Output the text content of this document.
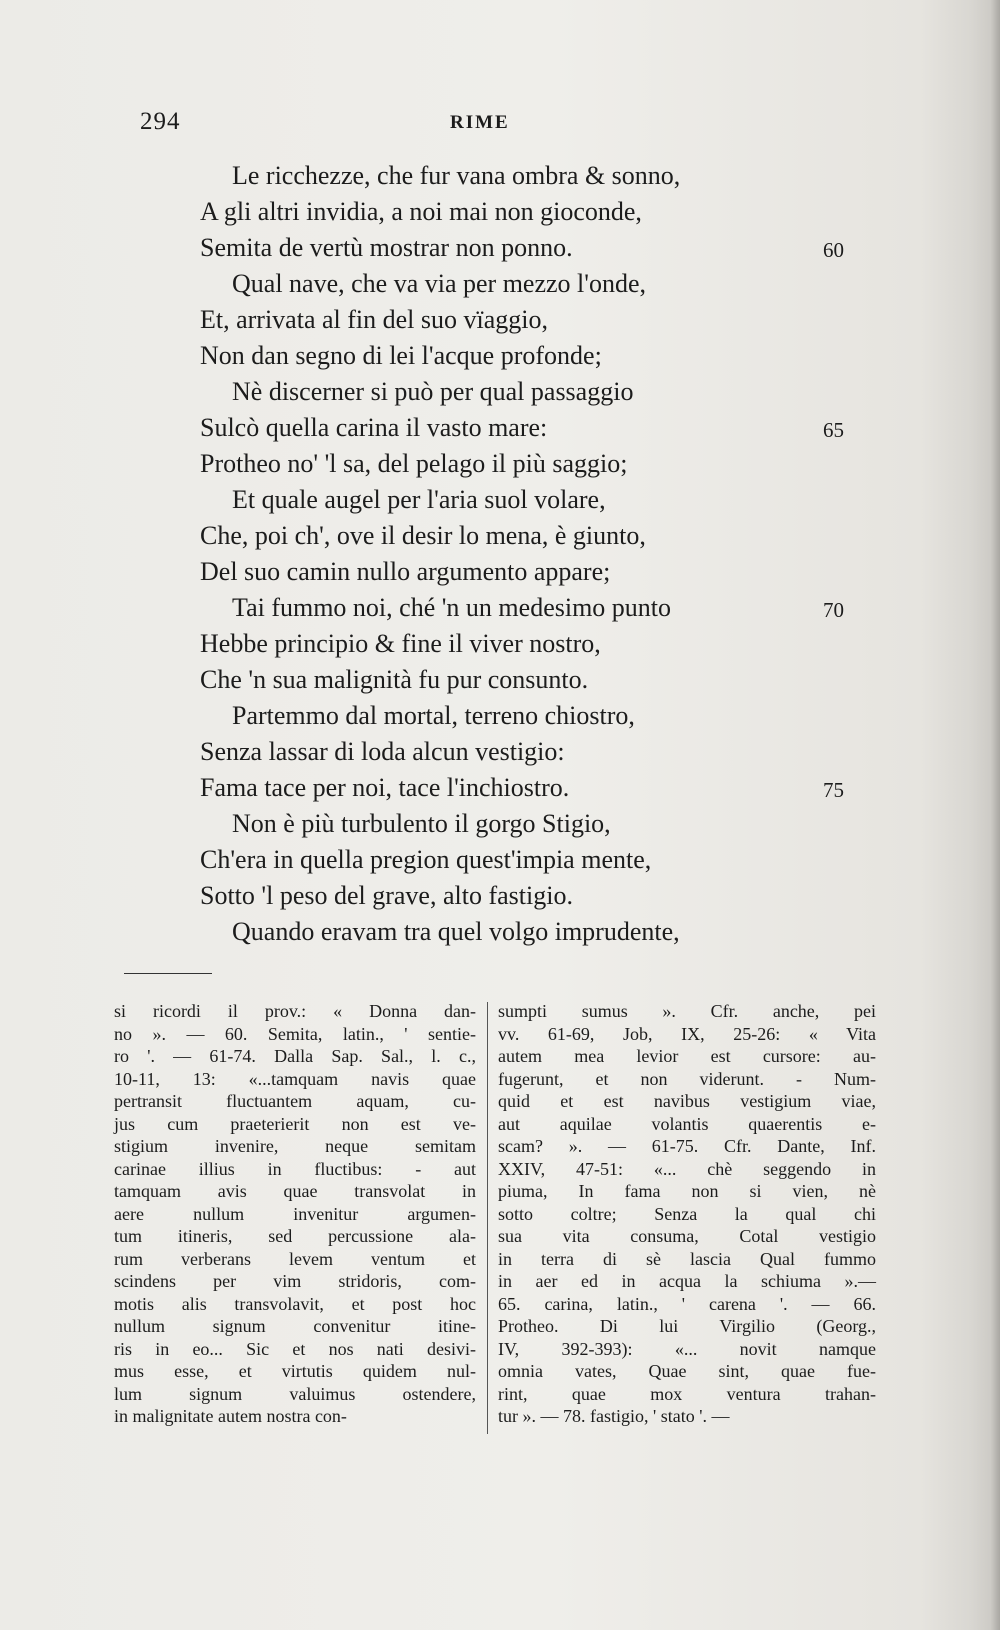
294	RIME
Le ricchezze, che fur vana ombra & sonno,
A gli altri invidia, a noi mai non gioconde,
Semita de vertù mostrar non ponno.	60
Qual nave, che va via per mezzo l'onde,
Et, arrivata al fin del suo vïaggio,
Non dan segno di lei l'acque profonde;
Nè discerner si può per qual passaggio
Sulcò quella carina il vasto mare:	65
Protheo no' 'l sa, del pelago il più saggio;
Et quale augel per l'aria suol volare,
Che, poi ch', ove il desir lo mena, è giunto,
Del suo camin nullo argumento appare;
Tai fummo noi, ché 'n un medesimo punto	70
Hebbe principio & fine il viver nostro,
Che 'n sua malignità fu pur consunto.
Partemmo dal mortal, terreno chiostro,
Senza lassar di loda alcun vestigio:
Fama tace per noi, tace l'inchiostro.	75
Non è più turbulento il gorgo Stigio,
Ch'era in quella pregion quest'impia mente,
Sotto 'l peso del grave, alto fastigio.
Quando eravam tra quel volgo imprudente,
si ricordi il prov.: « Donna dan-
no ». — 60. Semita, latin., ' sentie-
ro '. — 61-74. Dalla Sap. Sal., l. c.,
10-11, 13: «...tamquam navis quae
pertransit fluctuantem aquam, cu-
jus cum praeterierit non est ve-
stigium invenire, neque semitam
carinae illius in fluctibus: - aut
tamquam avis quae transvolat in
aere nullum invenitur argumen-
tum itineris, sed percussione ala-
rum verberans levem ventum et
scindens per vim stridoris, com-
motis alis transvolavit, et post hoc
nullum signum convenitur itine-
ris in eo... Sic et nos nati desivi-
mus esse, et virtutis quidem nul-
lum signum valuimus ostendere,
in malignitate autem nostra con-
sumpti sumus ». Cfr. anche, pei
vv. 61-69, Job, IX, 25-26: « Vita
autem mea levior est cursore: au-
fugerunt, et non viderunt. - Num-
quid et est navibus vestigium viae,
aut aquilae volantis quaerentis e-
scam? ». — 61-75. Cfr. Dante, Inf.
XXIV, 47-51: «... chè seggendo in
piuma, In fama non si vien, nè
sotto coltre; Senza la qual chi
sua vita consuma, Cotal vestigio
in terra di sè lascia Qual fummo
in aer ed in acqua la schiuma ».—
65. carina, latin., ' carena '. — 66.
Protheo. Di lui Virgilio (Georg.,
IV, 392-393): «... novit namque
omnia vates, Quae sint, quae fue-
rint, quae mox ventura trahan-
tur ». — 78. fastigio, ' stato '. —
